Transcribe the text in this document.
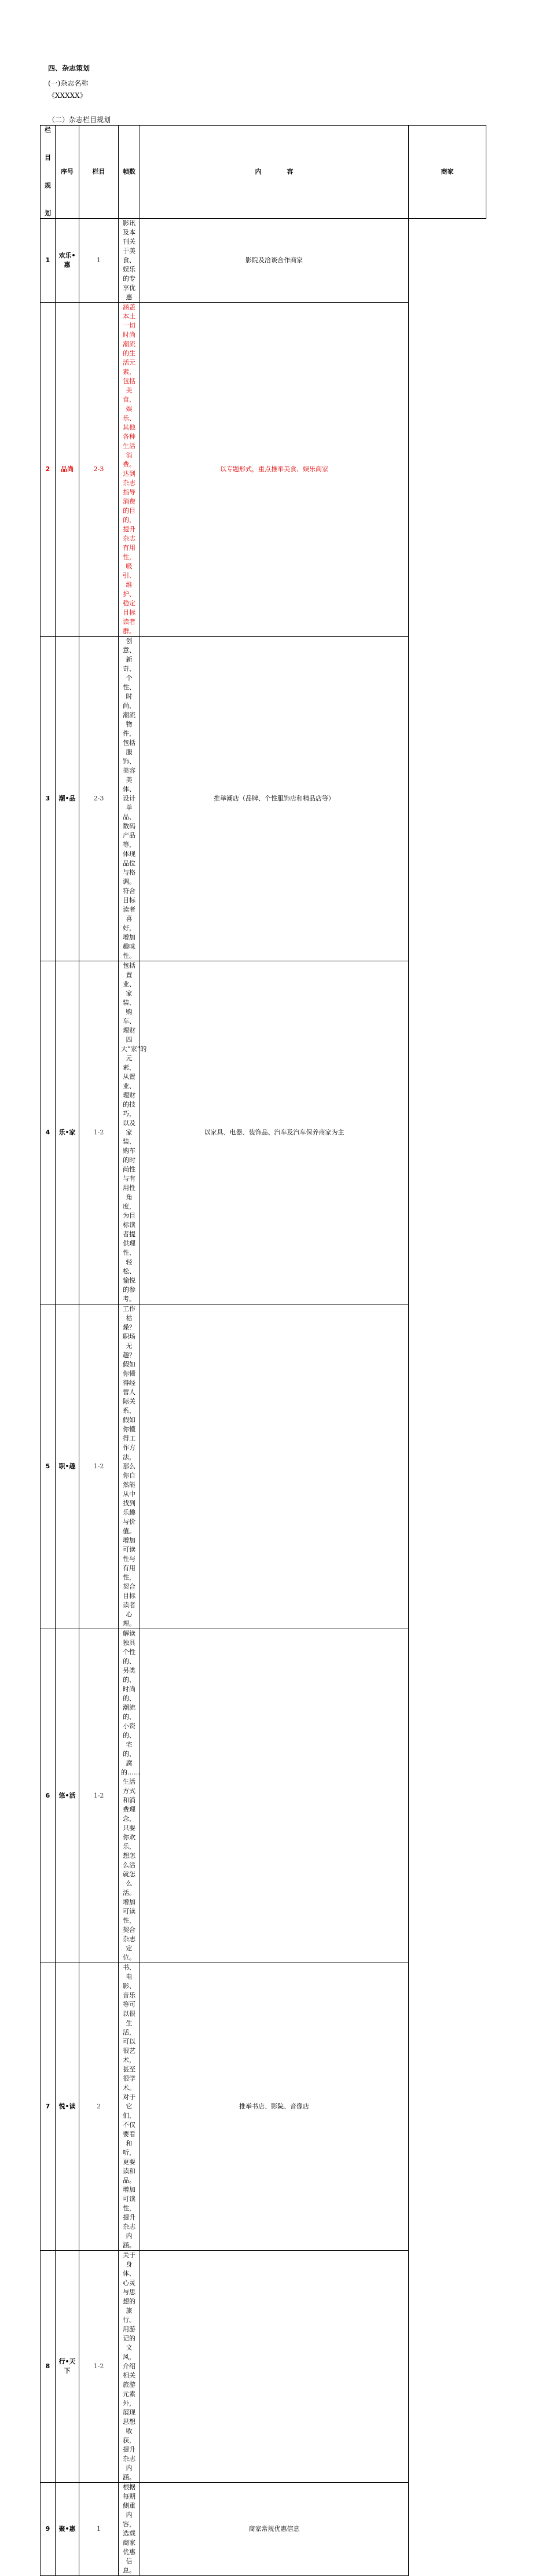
四、杂志策划
(一)杂志名称
《XXXXX》
（二）杂志栏目规划
栏
目
规
划	序号	栏目	帧数	内　　　　容	商家
1	欢乐•惠	1	影讯及本刊关于美食、娱乐的专享优惠	影院及洽谈合作商家	
2	品尚	2-3	涵盖本土一切时尚潮流的生活元素，包括美食、娱乐、其他各种生活消费。达到杂志指导消费的目的，提升杂志有用性，吸引、维护、稳定目标读者群。	以专题形式，重点推举美食、娱乐商家	
3	潮•品	2-3	创意、新奇、个性、时尚、潮流物件，包括服饰、美容美体、设计单品、数码产品等，体现品位与格调。符合目标读者喜好，增加趣味性。	推举潮店（品牌、个性服饰店和精品店等）	
4	乐•家	1-2	包括置业、家装、购车、理财四大“家”的元素，从置业、理财的技巧，以及家装、购车的时尚性与有用性角度，为目标读者提供理性、轻松、愉悦的参考。	以家具、电器、装饰品、汽车及汽车保养商家为主	
5	职•趣	1-2	工作枯燥？职场无趣？假如你懂得经营人际关系，假如你懂得工作方法，那么你自然能从中找到乐趣与价值。增加可读性与有用性，契合目标读者心理。		
6	悠•活	1-2	解读独具个性的、另类的、时尚的、潮流的、小资的、宅的、腐的……生活方式和消费理念，只要你欢乐，想怎么活就怎么活。增加可读性，契合杂志定位。		
7	悦•读	2	书、电影、音乐等可以很生活，可以很艺术，甚至很学术。对于它们，不仅要看和听，更要读和品。增加可读性，提升杂志内涵。	推举书店、影院、音像店	
8	行•天下	1-2	关于身体、心灵与思想的旅行。用游记的文风，介绍相关旅游元素外，展现思想收获，提升杂志内涵。		
9	聚•惠	1	根据每期侧重内容，选载商家优惠信息。	商家常规优惠信息	
